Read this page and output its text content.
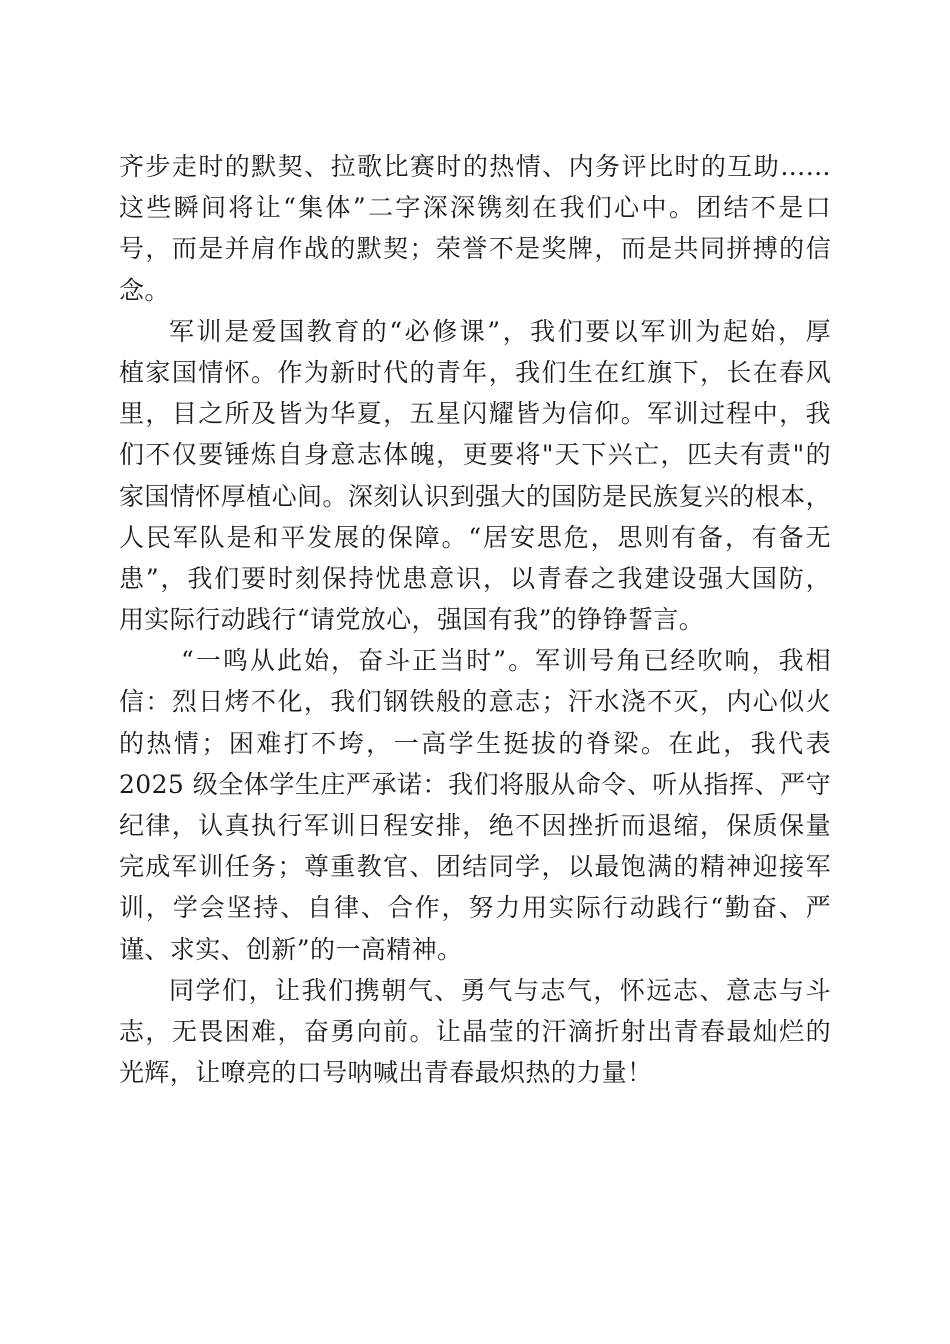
齐步走时的默契、拉歌比赛时的热情、内务评比时的互助……
这些瞬间将让“集体”二字深深镌刻在我们心中。团结不是口
号，而是并肩作战的默契；荣誉不是奖牌，而是共同拼搏的信
念。
军训是爱国教育的“必修课”，我们要以军训为起始，厚
植家国情怀。作为新时代的青年，我们生在红旗下，长在春风
里，目之所及皆为华夏，五星闪耀皆为信仰。军训过程中，我
们不仅要锤炼自身意志体魄，更要将"天下兴亡，匹夫有责"的
家国情怀厚植心间。深刻认识到强大的国防是民族复兴的根本，
人民军队是和平发展的保障。“居安思危，思则有备，有备无
患”，我们要时刻保持忧患意识，以青春之我建设强大国防，
用实际行动践行“请党放心，强国有我”的铮铮誓言。
“一鸣从此始，奋斗正当时”。军训号角已经吹响，我相
信：烈日烤不化，我们钢铁般的意志；汗水浇不灭，内心似火
的热情；困难打不垮，一高学生挺拔的脊梁。在此，我代表
2025 级全体学生庄严承诺：我们将服从命令、听从指挥、严守
纪律，认真执行军训日程安排，绝不因挫折而退缩，保质保量
完成军训任务；尊重教官、团结同学，以最饱满的精神迎接军
训，学会坚持、自律、合作，努力用实际行动践行“勤奋、严
谨、求实、创新”的一高精神。
同学们，让我们携朝气、勇气与志气，怀远志、意志与斗
志，无畏困难，奋勇向前。让晶莹的汗滴折射出青春最灿烂的
光辉，让嘹亮的口号呐喊出青春最炽热的力量！
